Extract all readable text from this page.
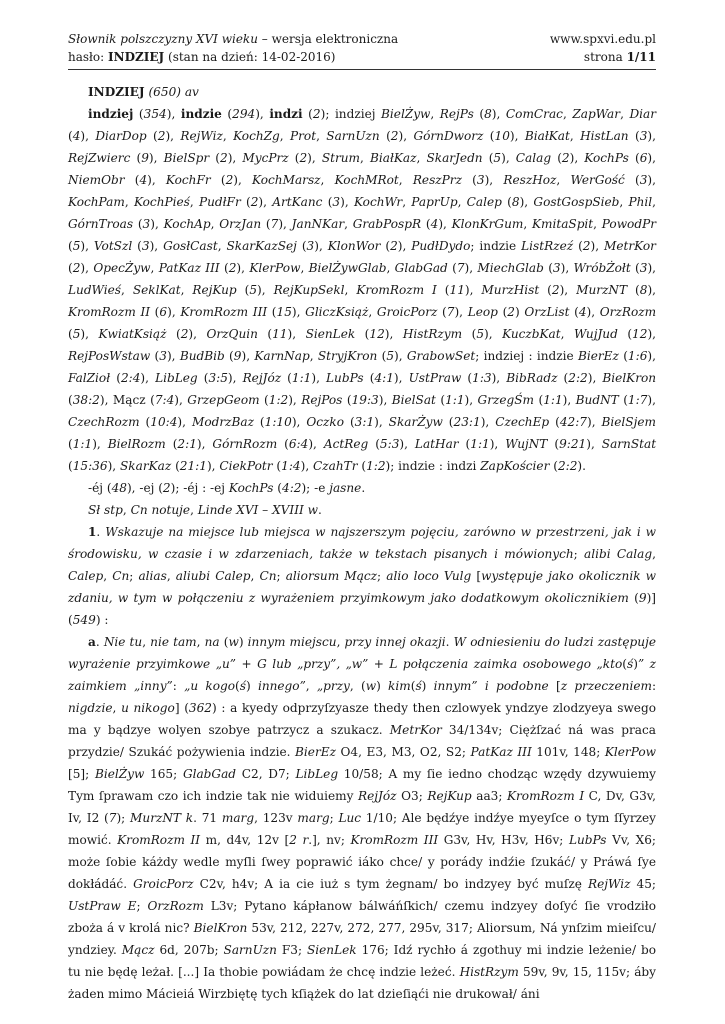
Słownik polszczyzny XVI wieku – wersja elektroniczna	www.spxvi.edu.pl
hasło: INDZIEJ (stan na dzień: 14-02-2016)	strona 1/11

INDZIEJ (650) av

indziej (354), indzie (294), indzi (2); indziej BielŻyw, RejPs (8), ComCrac, ZapWar, Diar (4), DiarDop (2), RejWiz, KochZg, Prot, SarnUzn (2), GórnDworz (10), BiałKat, HistLan (3), RejZwierc (9), BielSpr (2), MycPrz (2), Strum, BiałKaz, SkarJedn (5), Calag (2), KochPs (6), NiemObr (4), KochFr (2), KochMarsz, KochMRot, ReszPrz (3), ReszHoz, WerGość (3), KochPam, KochPieś, PudłFr (2), ArtKanc (3), KochWr, PaprUp, Calep (8), GostGospSieb, Phil, GórnTroas (3), KochAp, OrzJan (7), JanNKar, GrabPospR (4), KlonKrGum, KmitaSpit, PowodPr (5), VotSzl (3), GosłCast, SkarKazSej (3), KlonWor (2), PudłDydo; indzie ListRzeź (2), MetrKor (2), OpecŻyw, PatKaz III (2), KlerPow, BielŻywGlab, GlabGad (7), MiechGlab (3), WróbŻołt (3), LudWieś, SeklKat, RejKup (5), RejKupSekl, KromRozm I (11), MurzHist (2), MurzNT (8), KromRozm II (6), KromRozm III (15), GliczKsiąż, GroicPorz (7), Leop (2) OrzList (4), OrzRozm (5), KwiatKsiąż (2), OrzQuin (11), SienLek (12), HistRzym (5), KuczbKat, WujJud (12), RejPosWstaw (3), BudBib (9), KarnNap, StryjKron (5), GrabowSet; indziej : indzie BierEz (1:6), FalZioł (2:4), LibLeg (3:5), RejJóz (1:1), LubPs (4:1), UstPraw (1:3), BibRadz (2:2), BielKron (38:2), Mącz (7:4), GrzepGeom (1:2), RejPos (19:3), BielSat (1:1), GrzegŚm (1:1), BudNT (1:7), CzechRozm (10:4), ModrzBaz (1:10), Oczko (3:1), SkarŻyw (23:1), CzechEp (42:7), BielSjem (1:1), BielRozm (2:1), GórnRozm (6:4), ActReg (5:3), LatHar (1:1), WujNT (9:21), SarnStat (15:36), SkarKaz (21:1), CiekPotr (1:4), CzahTr (1:2); indzie : indzi ZapKościer (2:2).

-éj (48), -ej (2); -éj : -ej KochPs (4:2); -e jasne.

Sł stp, Cn notuje, Linde XVI – XVIII w.

1. Wskazuje na miejsce lub miejsca w najszerszym pojęciu, zarówno w przestrzeni, jak i w środowisku, w czasie i w zdarzeniach, także w tekstach pisanych i mówionych; alibi Calag, Calep, Cn; alias, aliubi Calep, Cn; aliorsum Mącz; alio loco Vulg [występuje jako okolicznik w zdaniu, w tym w połączeniu z wyrażeniem przyimkowym jako dodatkowym okolicznikiem (9)] (549) :

a. Nie tu, nie tam, na (w) innym miejscu, przy innej okazji. W odniesieniu do ludzi zastępuje wyrażenie przyimkowe „u” + G lub „przy”, „w” + L połączenia zaimka osobowego „kto(ś)” z zaimkiem „inny”: „u kogo(ś) innego”, „przy, (w) kim(ś) innym” i podobne [z przeczeniem: nigdzie, u nikogo] (362) : a kyedy odprzyſzyasze thedy then czlowyek yndzye zlodzyeya swego ma y bądzye wolyen szobye patrzycz a szukacz. MetrKor 34/134v; Ciężſzać ná was praca przydzie/ Szukáć pożywienia indzie. BierEz O4, E3, M3, O2, S2; PatKaz III 101v, 148; KlerPow [5]; BielŻyw 165; GlabGad C2, D7; LibLeg 10/58; A my ſie iedno chodząc wzędy dzywuiemy Tym ſprawam czo ich indzie tak nie widuiemy RejJóz O3; RejKup aa3; KromRozm I C, Dv, G3v, Iv, I2 (7); MurzNT k. 71 marg, 123v marg; Luc 1/10; Ale będźye indźye myeyſce o tym ſſyrzey mowić. KromRozm II m, d4v, 12v [2 r.], nv; KromRozm III G3v, Hv, H3v, H6v; LubPs Vv, X6; może ſobie káżdy wedle myſli ſwey poprawić iáko chce/ y porády indźie ſzukáć/ y Práwá ſye dokłádáć. GroicPorz C2v, h4v; A ia cie iuż s tym żegnam/ bo indzyey być muſzę RejWiz 45; UstPraw E; OrzRozm L3v; Pytano kápłanow bálwáńſkich/ czemu indzyey doſyć ſie vrodziło zboża á v krolá nic? BielKron 53v, 212, 227v, 272, 277, 295v, 317; Aliorsum, Ná ynſzim mieiſcu/ yndziey. Mącz 6d, 207b; SarnUzn F3; SienLek 176; Idź rychło á zgothuy mi indzie leżenie/ bo tu nie będę leżał. [...] Ia thobie powiádam że chcę indzie leżeć. HistRzym 59v, 9v, 15, 115v; áby żaden mimo Mácieiá Wirzbiętę tych kſiążek do lat dzieſiąći nie drukował/ áni
